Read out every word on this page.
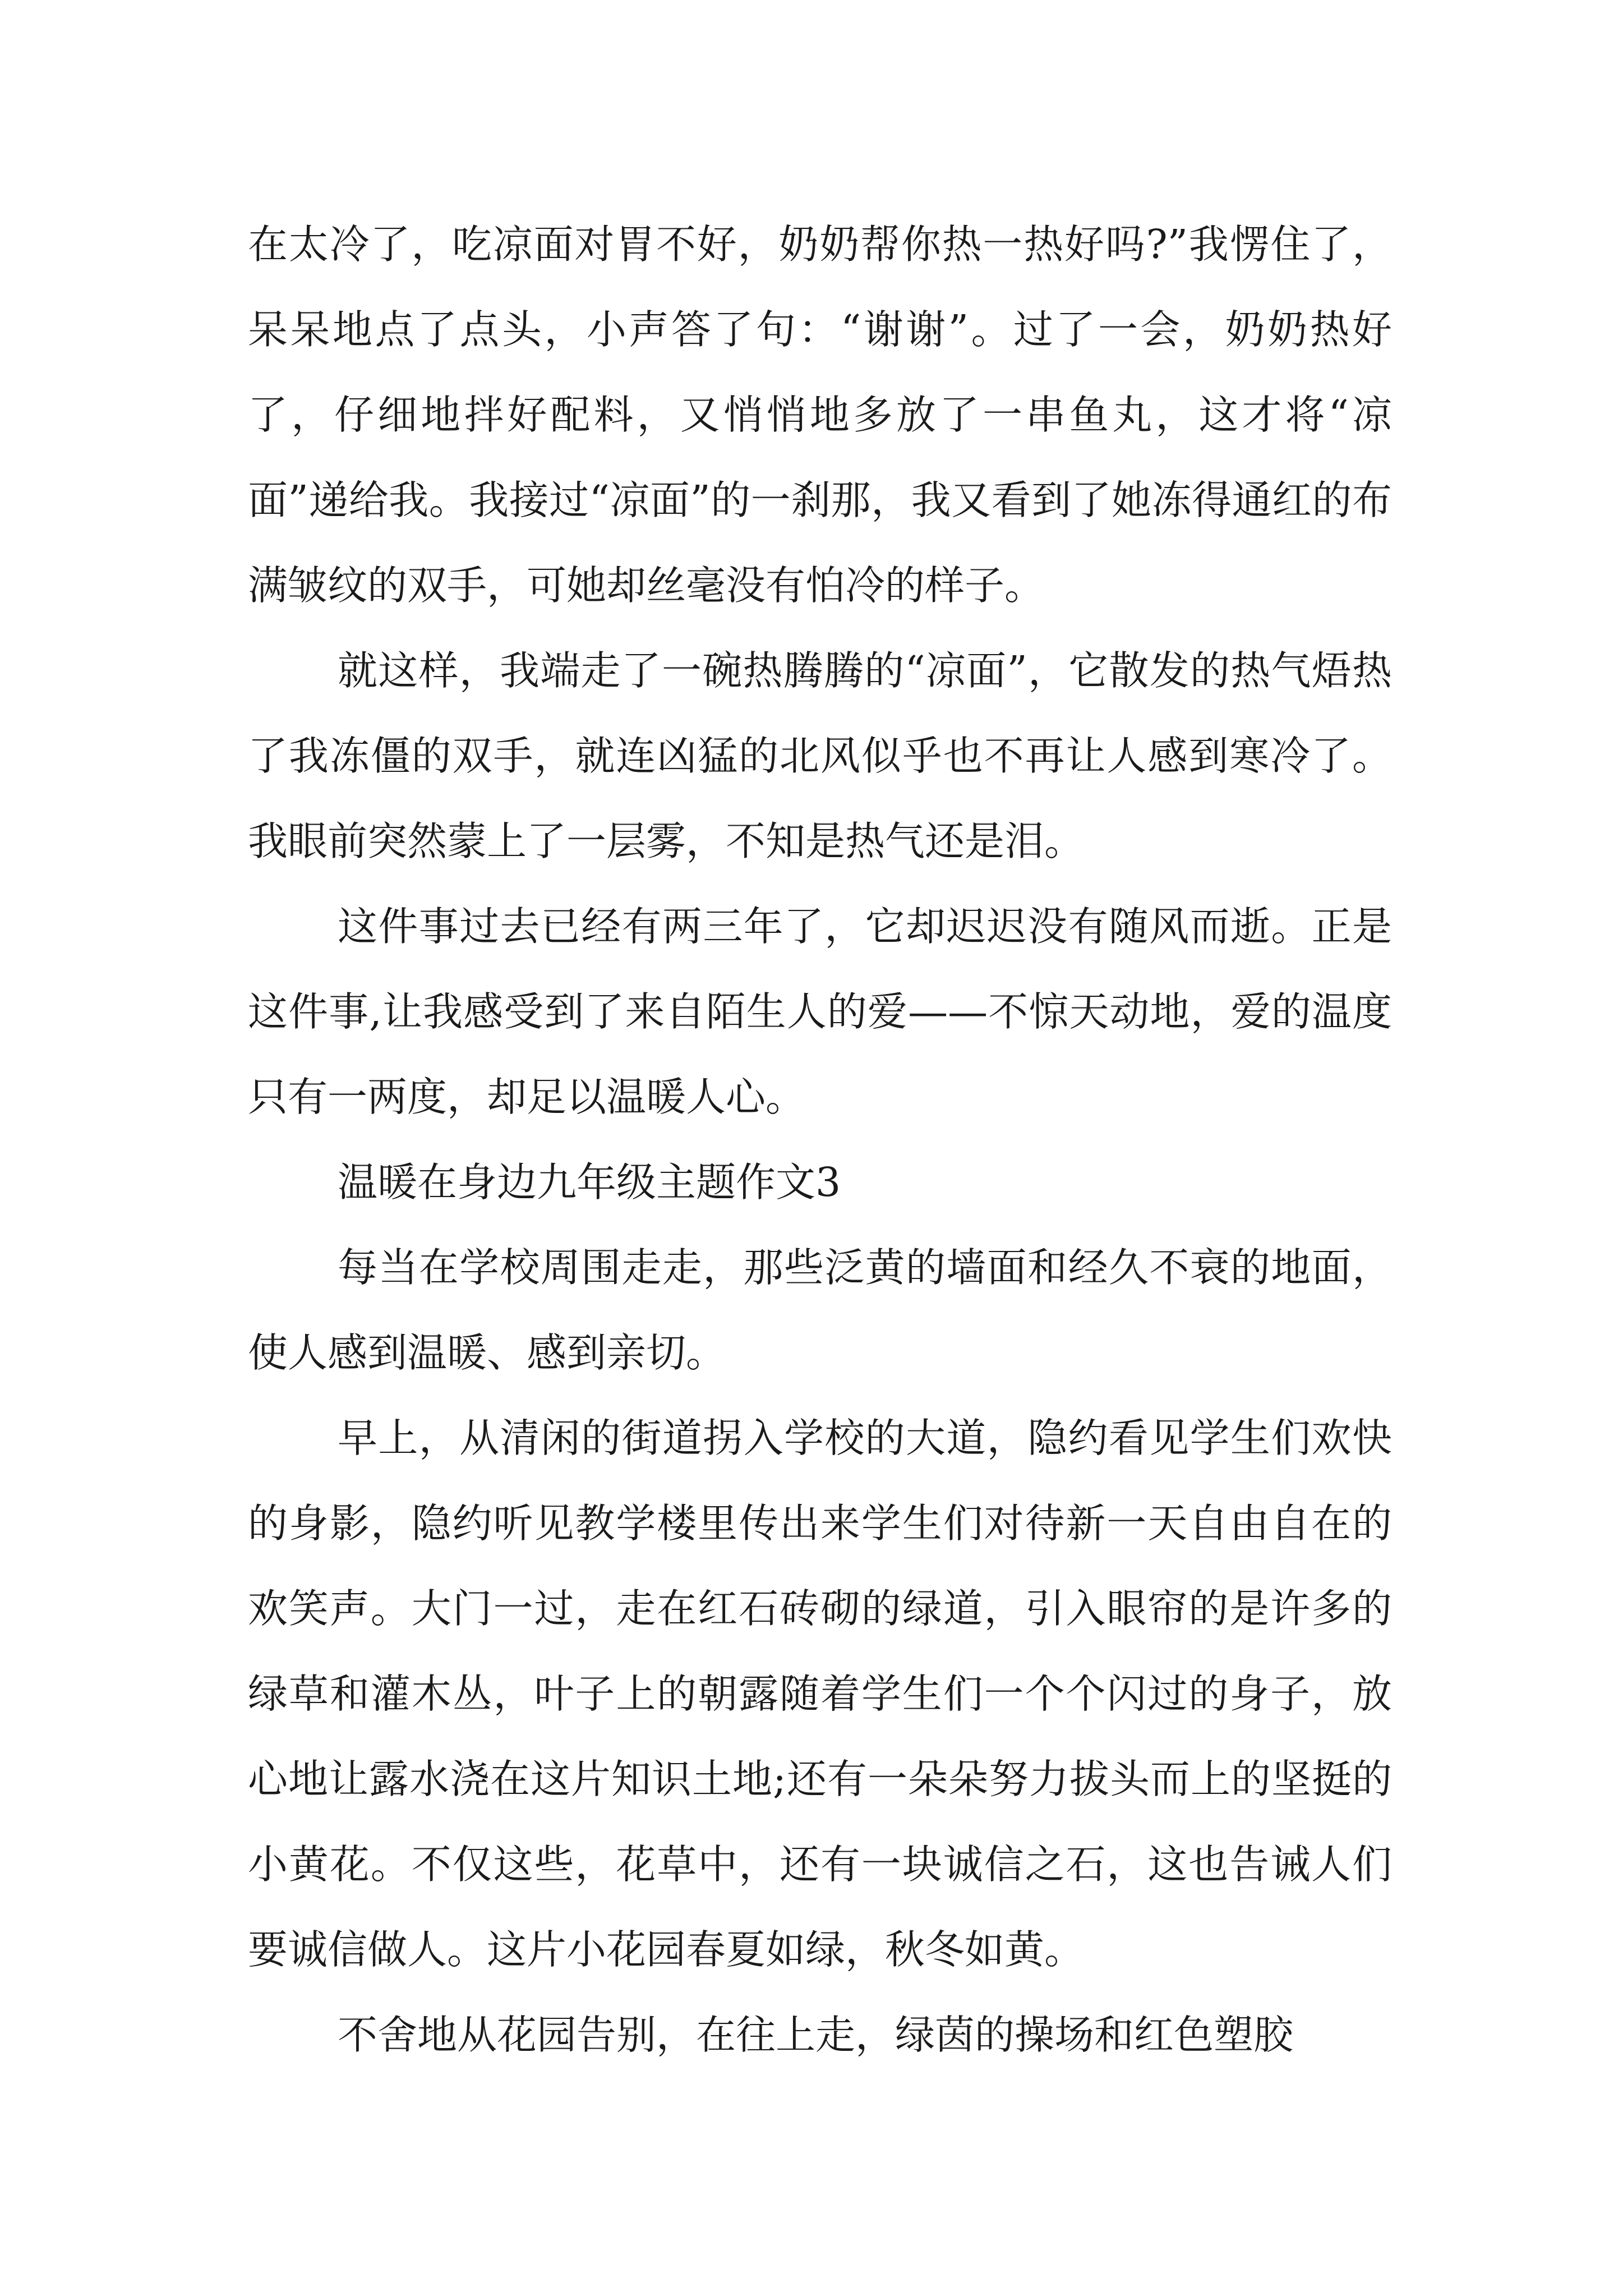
在太冷了，吃凉面对胃不好，奶奶帮你热一热好吗?”我愣住了，呆呆地点了点头，小声答了句：“谢谢”。过了一会，奶奶热好了，仔细地拌好配料，又悄悄地多放了一串鱼丸，这才将“凉面”递给我。我接过“凉面”的一刹那，我又看到了她冻得通红的布满皱纹的双手，可她却丝毫没有怕冷的样子。

就这样，我端走了一碗热腾腾的“凉面”，它散发的热气焐热了我冻僵的双手，就连凶猛的北风似乎也不再让人感到寒冷了。我眼前突然蒙上了一层雾，不知是热气还是泪。

这件事过去已经有两三年了，它却迟迟没有随风而逝。正是这件事,让我感受到了来自陌生人的爱——不惊天动地，爱的温度只有一两度，却足以温暖人心。

温暖在身边九年级主题作文3

每当在学校周围走走，那些泛黄的墙面和经久不衰的地面，使人感到温暖、感到亲切。

早上，从清闲的街道拐入学校的大道，隐约看见学生们欢快的身影，隐约听见教学楼里传出来学生们对待新一天自由自在的欢笑声。大门一过，走在红石砖砌的绿道，引入眼帘的是许多的绿草和灌木丛，叶子上的朝露随着学生们一个个闪过的身子，放心地让露水浇在这片知识土地;还有一朵朵努力拔头而上的坚挺的小黄花。不仅这些，花草中，还有一块诚信之石，这也告诫人们要诚信做人。这片小花园春夏如绿，秋冬如黄。

不舍地从花园告别，在往上走，绿茵的操场和红色塑胶
